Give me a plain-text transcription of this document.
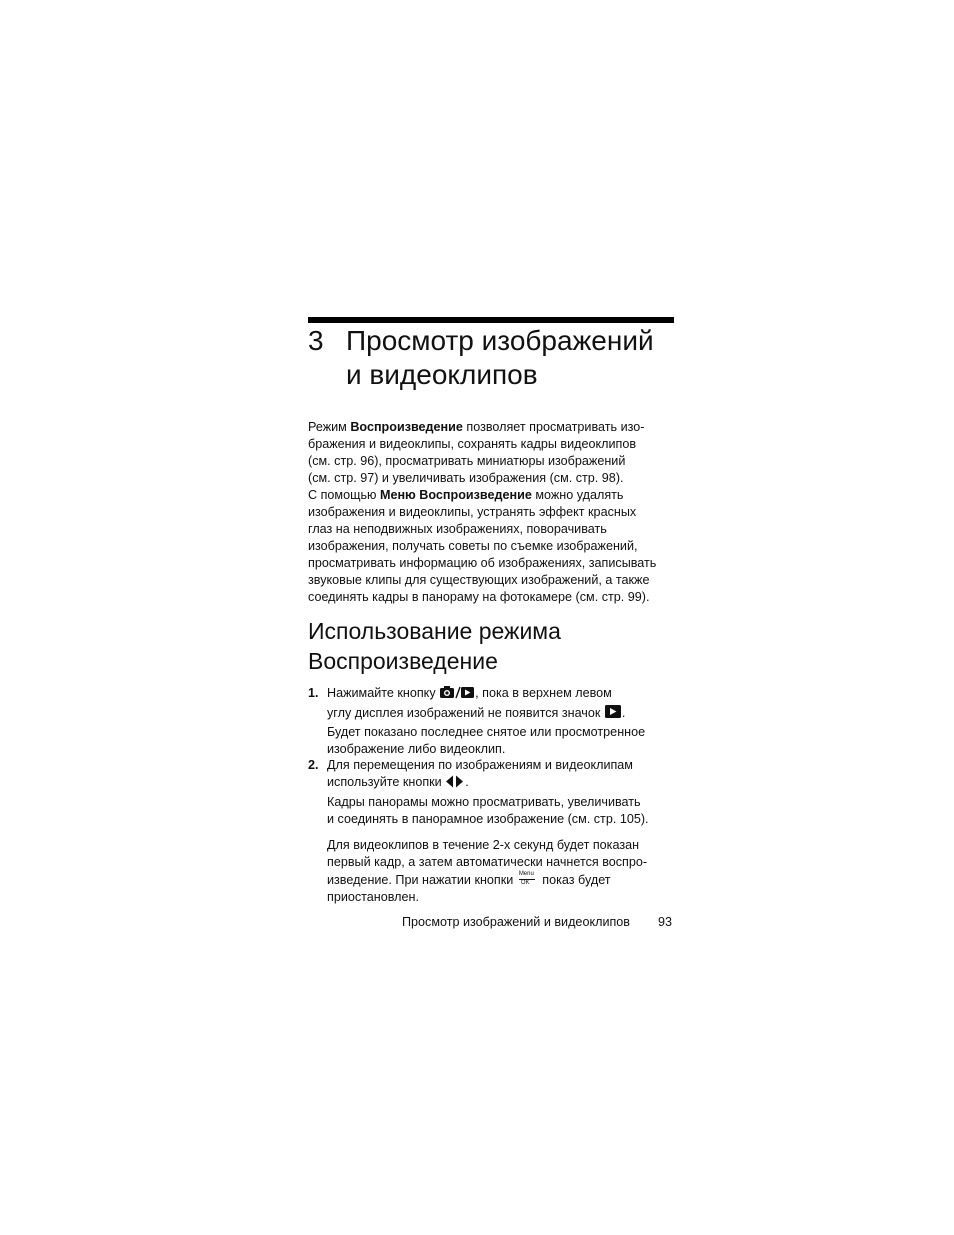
3 Просмотр изображений
и видеоклипов

Режим Воспроизведение позволяет просматривать изо-
бражения и видеоклипы, сохранять кадры видеоклипов
(см. стр. 96), просматривать миниатюры изображений
(см. стр. 97) и увеличивать изображения (см. стр. 98).

С помощью Меню Воспроизведение можно удалять
изображения и видеоклипы, устранять эффект красных
глаз на неподвижных изображениях, поворачивать
изображения, получать советы по съемке изображений,
просматривать информацию об изображениях, записывать
звуковые клипы для существующих изображений, а также
соединять кадры в панораму на фотокамере (см. стр. 99).

Использование режима
Воспроизведение
1. Нажимайте кнопку	, пока в верхнем левом
углу дисплея изображений не появится значок .
Будет показано последнее снятое или просмотренное
изображение либо видеоклип.
2. Для перемещения по изображениям и видеоклипам
используйте кнопки .
Кадры панорамы можно просматривать, увеличивать
и соединять в панорамное изображение (см. стр. 105).
Для видеоклипов в течение 2-х секунд будет показан
первый кадр, а затем автоматически начнется воспро-
изведение. При нажатии кнопки Menu
OK показ будет
приостановлен.
Просмотр изображений и видеоклипов 93
